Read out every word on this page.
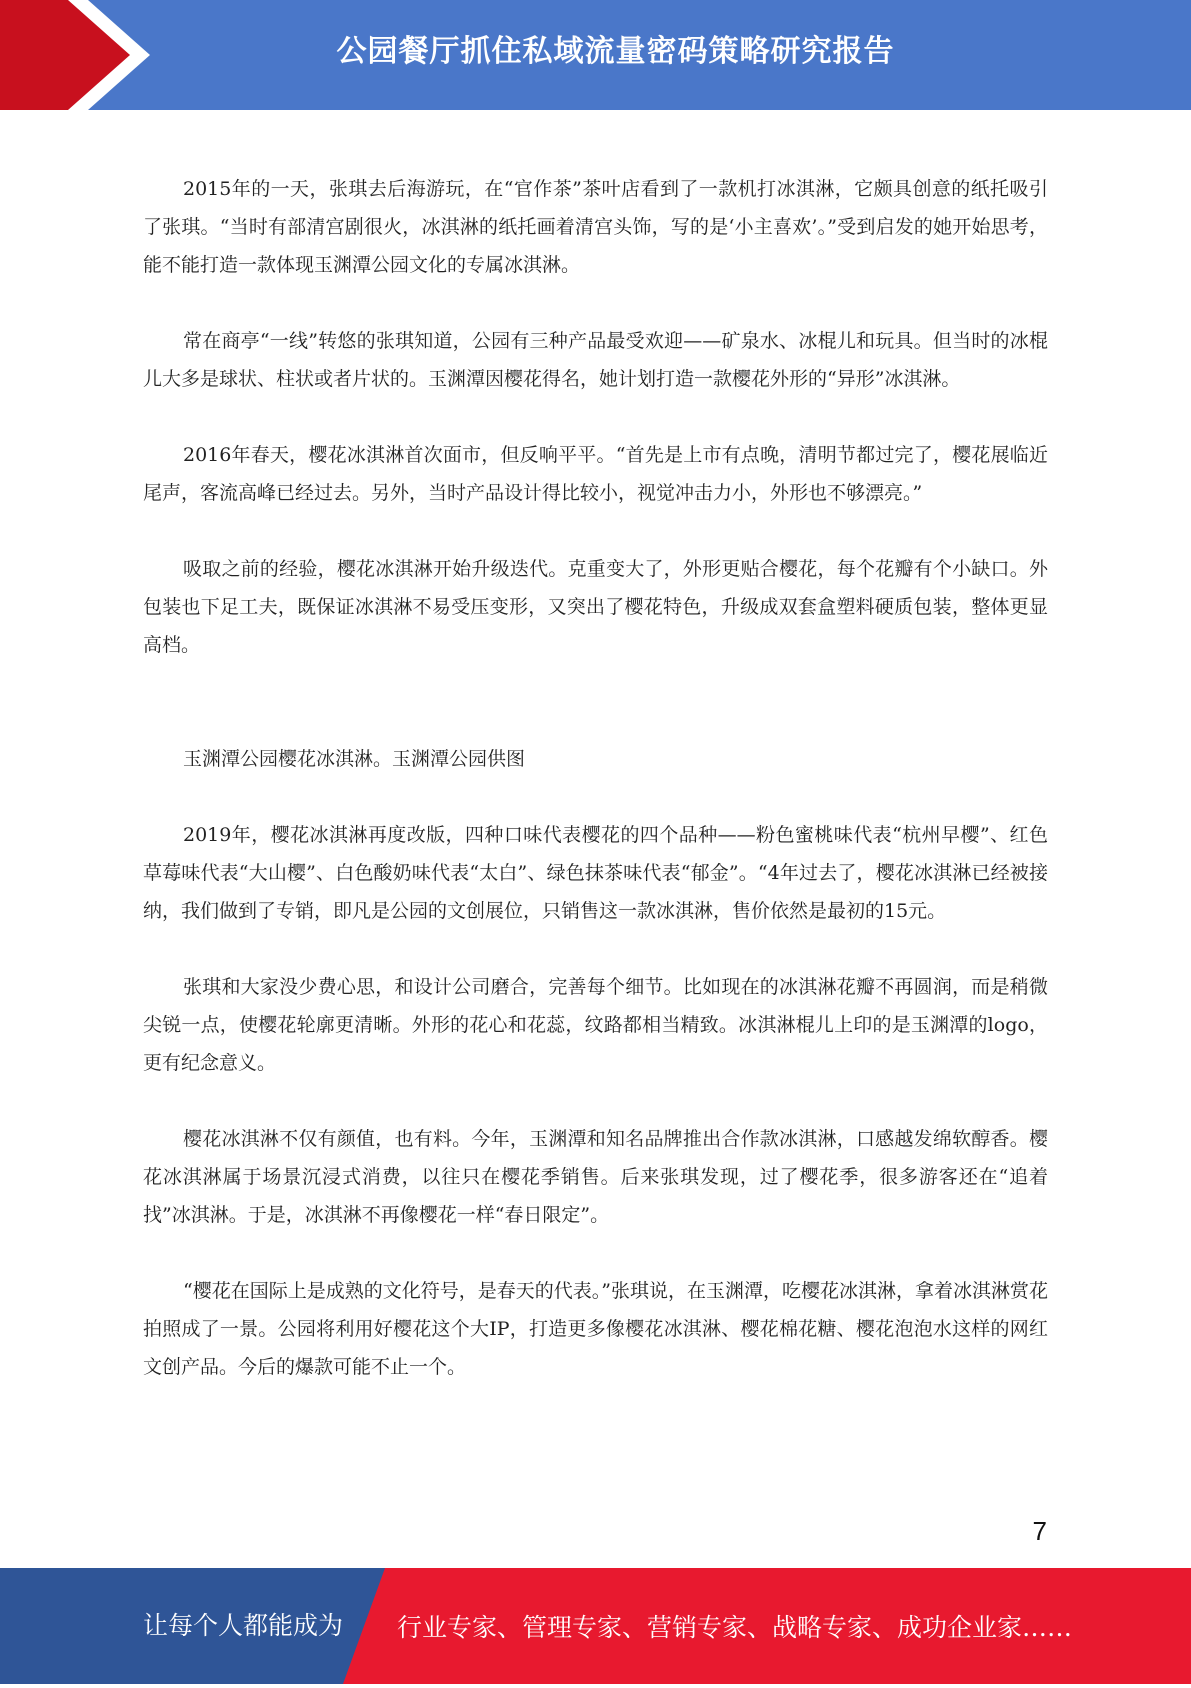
公园餐厅抓住私域流量密码策略研究报告

2015年的一天，张琪去后海游玩，在“官作茶”茶叶店看到了一款机打冰淇淋，它颇具创意的纸托吸引了张琪。“当时有部清宫剧很火，冰淇淋的纸托画着清宫头饰，写的是‘小主喜欢’。”受到启发的她开始思考，能不能打造一款体现玉渊潭公园文化的专属冰淇淋。

常在商亭“一线”转悠的张琪知道，公园有三种产品最受欢迎——矿泉水、冰棍儿和玩具。但当时的冰棍儿大多是球状、柱状或者片状的。玉渊潭因樱花得名，她计划打造一款樱花外形的“异形”冰淇淋。

2016年春天，樱花冰淇淋首次面市，但反响平平。“首先是上市有点晚，清明节都过完了，樱花展临近尾声，客流高峰已经过去。另外，当时产品设计得比较小，视觉冲击力小，外形也不够漂亮。”

吸取之前的经验，樱花冰淇淋开始升级迭代。克重变大了，外形更贴合樱花，每个花瓣有个小缺口。外包装也下足工夫，既保证冰淇淋不易受压变形，又突出了樱花特色，升级成双套盒塑料硬质包装，整体更显高档。

玉渊潭公园樱花冰淇淋。玉渊潭公园供图

2019年，樱花冰淇淋再度改版，四种口味代表樱花的四个品种——粉色蜜桃味代表“杭州早樱”、红色草莓味代表“大山樱”、白色酸奶味代表“太白”、绿色抹茶味代表“郁金”。“4年过去了，樱花冰淇淋已经被接纳，我们做到了专销，即凡是公园的文创展位，只销售这一款冰淇淋，售价依然是最初的15元。

张琪和大家没少费心思，和设计公司磨合，完善每个细节。比如现在的冰淇淋花瓣不再圆润，而是稍微尖锐一点，使樱花轮廓更清晰。外形的花心和花蕊，纹路都相当精致。冰淇淋棍儿上印的是玉渊潭的logo，更有纪念意义。

樱花冰淇淋不仅有颜值，也有料。今年，玉渊潭和知名品牌推出合作款冰淇淋，口感越发绵软醇香。樱花冰淇淋属于场景沉浸式消费，以往只在樱花季销售。后来张琪发现，过了樱花季，很多游客还在“追着找”冰淇淋。于是，冰淇淋不再像樱花一样“春日限定”。

“樱花在国际上是成熟的文化符号，是春天的代表。”张琪说，在玉渊潭，吃樱花冰淇淋，拿着冰淇淋赏花拍照成了一景。公园将利用好樱花这个大IP，打造更多像樱花冰淇淋、樱花棉花糖、樱花泡泡水这样的网红文创产品。今后的爆款可能不止一个。

7
让每个人都能成为 行业专家、管理专家、营销专家、战略专家、成功企业家……
